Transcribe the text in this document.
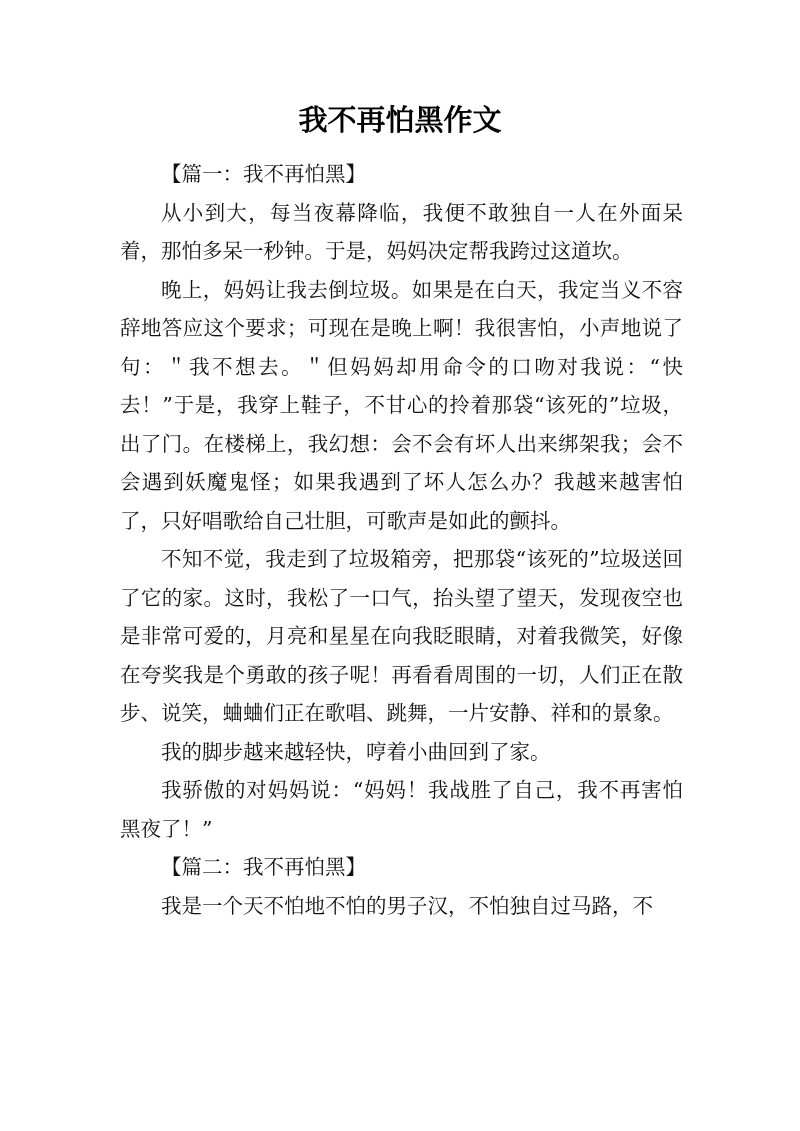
我不再怕黑作文

【篇一：我不再怕黑】

从小到大，每当夜幕降临，我便不敢独自一人在外面呆着，那怕多呆一秒钟。于是，妈妈决定帮我跨过这道坎。

晚上，妈妈让我去倒垃圾。如果是在白天，我定当义不容辞地答应这个要求；可现在是晚上啊！我很害怕，小声地说了句：＂我不想去。＂但妈妈却用命令的口吻对我说：“快去！”于是，我穿上鞋子，不甘心的拎着那袋“该死的”垃圾，出了门。在楼梯上，我幻想：会不会有坏人出来绑架我；会不会遇到妖魔鬼怪；如果我遇到了坏人怎么办？我越来越害怕了，只好唱歌给自己壮胆，可歌声是如此的颤抖。

不知不觉，我走到了垃圾箱旁，把那袋“该死的”垃圾送回了它的家。这时，我松了一口气，抬头望了望天，发现夜空也是非常可爱的，月亮和星星在向我眨眼睛，对着我微笑，好像在夸奖我是个勇敢的孩子呢！再看看周围的一切，人们正在散步、说笑，蛐蛐们正在歌唱、跳舞，一片安静、祥和的景象。

我的脚步越来越轻快，哼着小曲回到了家。

我骄傲的对妈妈说：“妈妈！我战胜了自己，我不再害怕黑夜了！”

【篇二：我不再怕黑】

我是一个天不怕地不怕的男子汉，不怕独自过马路，不
